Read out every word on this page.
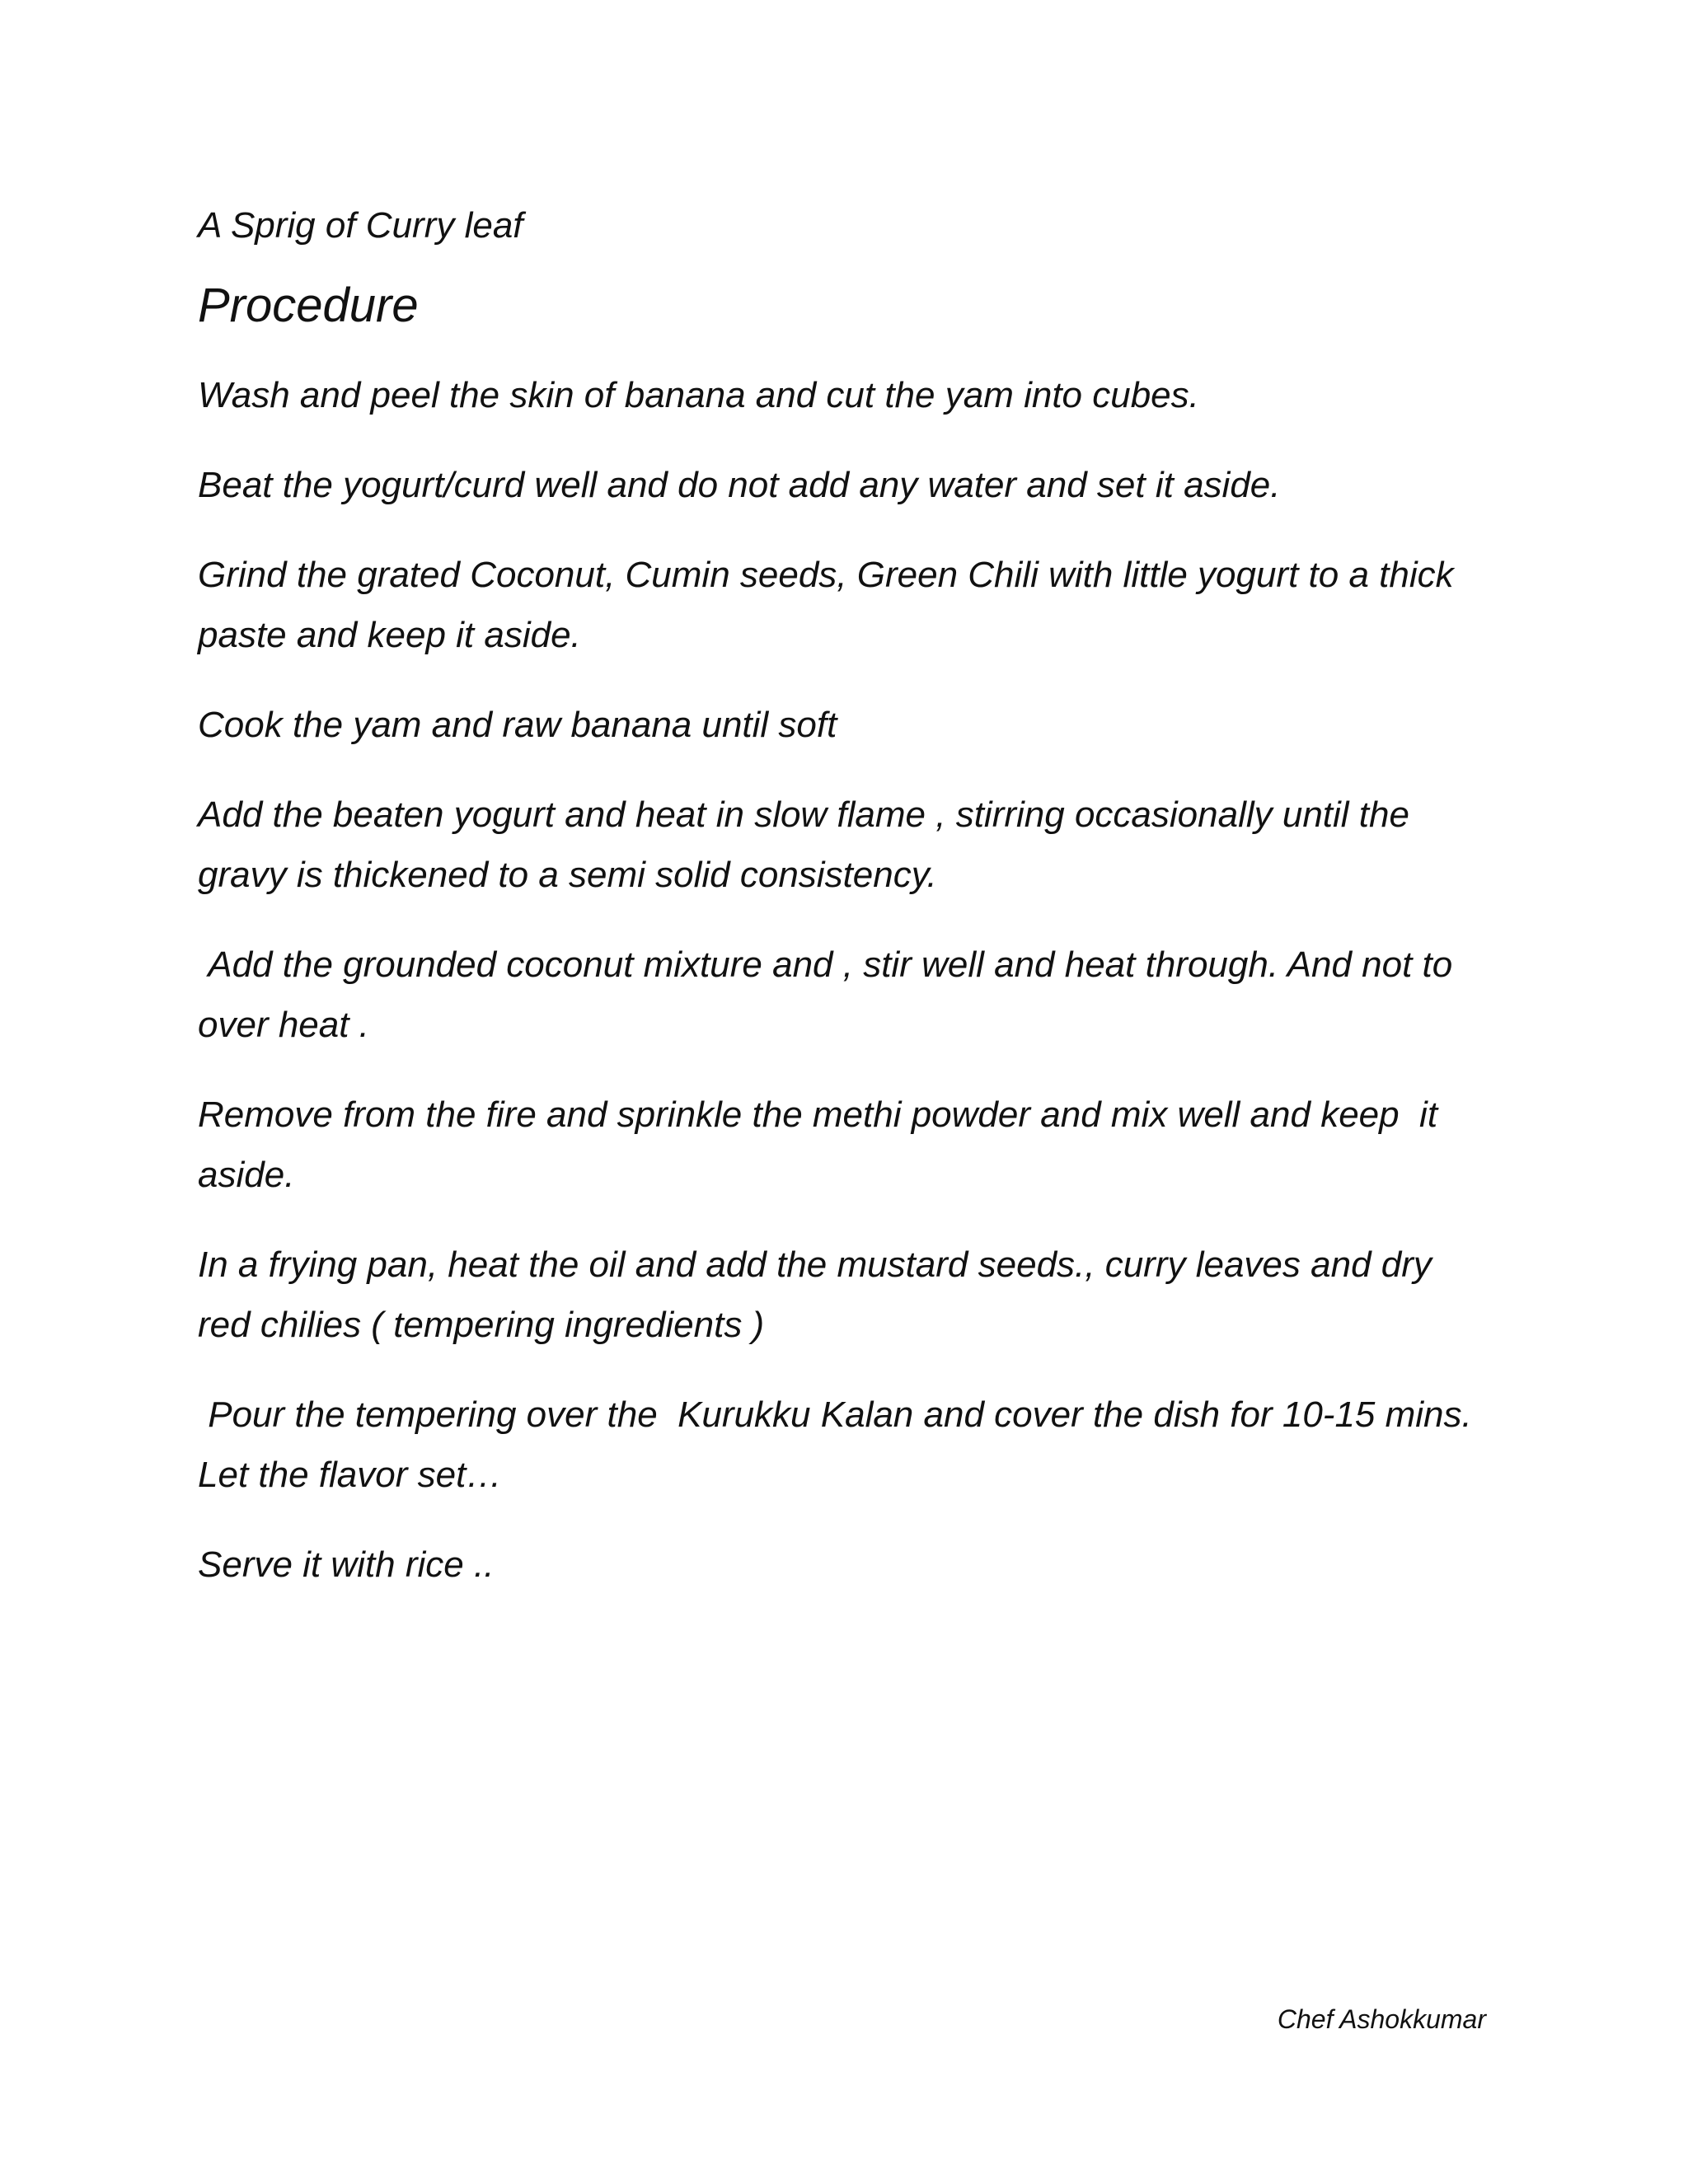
A Sprig of Curry leaf

Procedure

Wash and peel the skin of banana and cut the yam into cubes.

Beat the yogurt/curd well and do not add any water and set it aside.

Grind the grated Coconut, Cumin seeds, Green Chili with little yogurt to a thick paste and keep it aside.

Cook the yam and raw banana until soft

Add the beaten yogurt and heat in slow flame , stirring occasionally until the gravy is thickened to a semi solid consistency.

Add the grounded coconut mixture and , stir well and heat through. And not to over heat .

Remove from the fire and sprinkle the methi powder and mix well and keep  it aside.

In a frying pan, heat the oil and add the mustard seeds., curry leaves and dry red chilies ( tempering ingredients )

Pour the tempering over the  Kurukku Kalan and cover the dish for 10-15 mins. Let the flavor set…

Serve it with rice ..

Chef Ashokkumar
